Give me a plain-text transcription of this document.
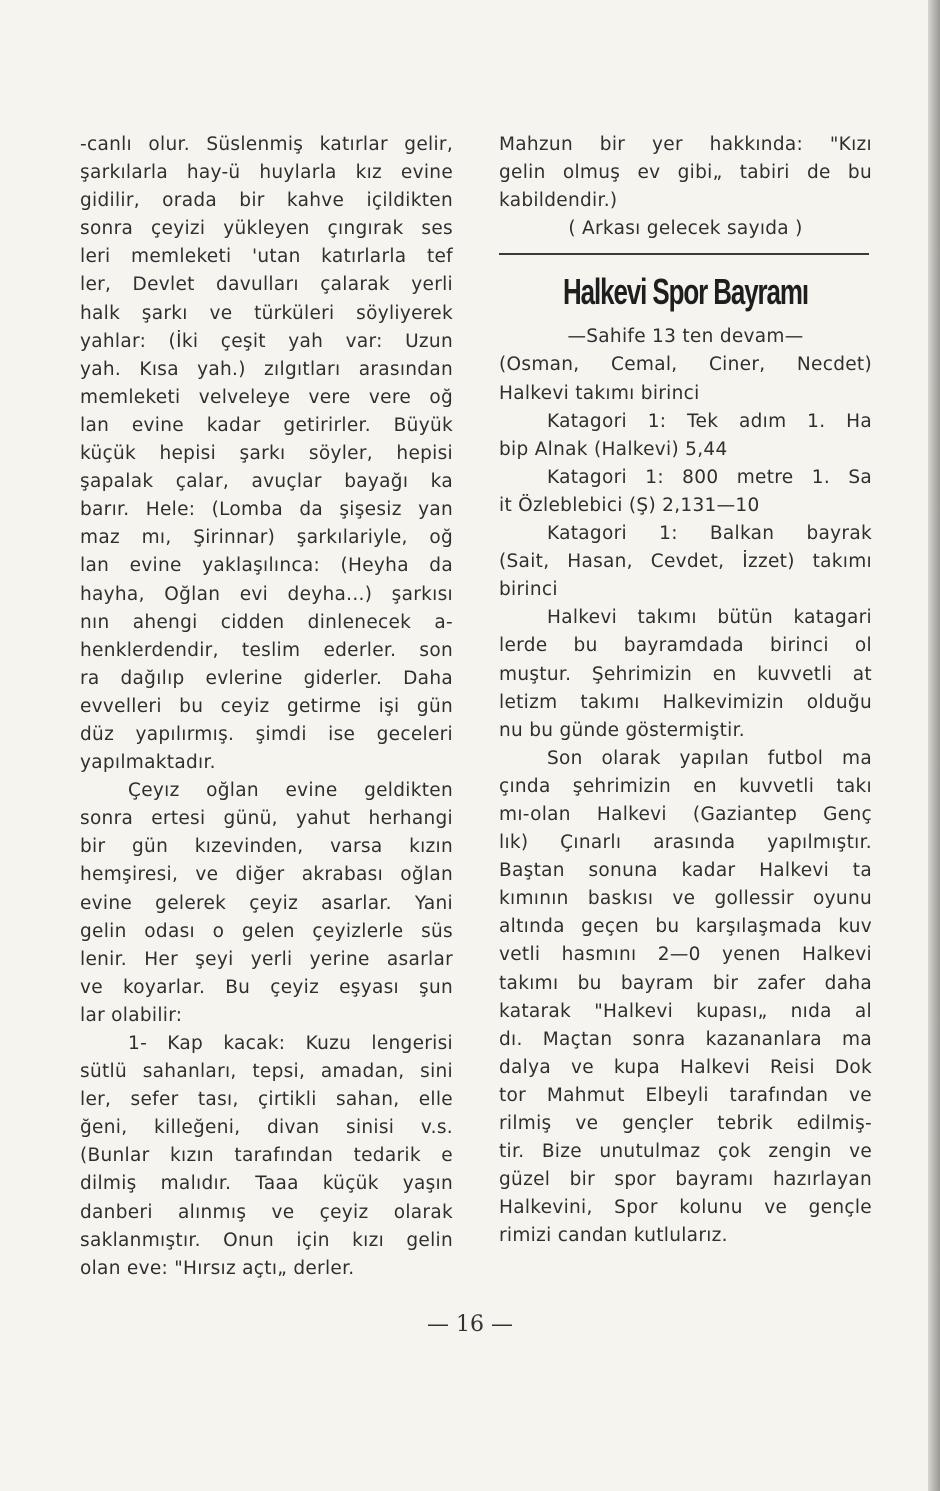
-canlı olur. Süslenmiş katırlar gelir,
şarkılarla hay-ü huylarla kız evine
gidilir, orada bir kahve içildikten
sonra çeyizi yükleyen çıngırak ses
leri memleketi 'utan katırlarla tef
ler, Devlet davulları çalarak yerli
halk şarkı ve türküleri söyliyerek
yahlar: (İki çeşit yah var: Uzun
yah. Kısa yah.) zılgıtları arasından
memleketi velveleye vere vere oğ
lan evine kadar getirirler. Büyük
küçük hepisi şarkı söyler, hepisi
şapalak çalar, avuçlar bayağı ka
barır. Hele: (Lomba da şişesiz yan
maz mı, Şirinnar) şarkılariyle, oğ
lan evine yaklaşılınca: (Heyha da
hayha, Oğlan evi deyha...) şarkısı
nın ahengi cidden dinlenecek a-
henklerdendir, teslim ederler. son
ra dağılıp evlerine giderler. Daha
evvelleri bu ceyiz getirme işi gün
düz yapılırmış. şimdi ise geceleri
yapılmaktadır.
Çeyız oğlan evine geldikten
sonra ertesi günü, yahut herhangi
bir gün kızevinden, varsa kızın
hemşiresi, ve diğer akrabası oğlan
evine gelerek çeyiz asarlar. Yani
gelin odası o gelen çeyizlerle süs
lenir. Her şeyi yerli yerine asarlar
ve koyarlar. Bu çeyiz eşyası şun
lar olabilir:
1- Kap kacak: Kuzu lengerisi
sütlü sahanları, tepsi, amadan, sini
ler, sefer tası, çirtikli sahan, elle
ğeni, killeğeni, divan sinisi v.s.
(Bunlar kızın tarafından tedarik e
dilmiş malıdır. Taaa küçük yaşın
danberi alınmış ve çeyiz olarak
saklanmıştır. Onun için kızı gelin
olan eve: "Hırsız açtı„ derler.
Mahzun bir yer hakkında: "Kızı
gelin olmuş ev gibi„ tabiri de bu
kabildendir.)
( Arkası gelecek sayıda )
Halkevi Spor Bayramı
—Sahife 13 ten devam—
(Osman, Cemal, Ciner, Necdet)
Halkevi takımı birinci
Katagori 1: Tek adım 1. Ha
bip Alnak (Halkevi) 5,44
Katagori 1: 800 metre 1. Sa
it Özleblebici (Ş) 2,131—10
Katagori 1: Balkan bayrak
(Sait, Hasan, Cevdet, İzzet) takımı
birinci
Halkevi takımı bütün katagari
lerde bu bayramdada birinci ol
muştur. Şehrimizin en kuvvetli at
letizm takımı Halkevimizin olduğu
nu bu günde göstermiştir.
Son olarak yapılan futbol ma
çında şehrimizin en kuvvetli takı
mı-olan Halkevi (Gaziantep Genç
lık) Çınarlı arasında yapılmıştır.
Baştan sonuna kadar Halkevi ta
kımının baskısı ve gollessir oyunu
altında geçen bu karşılaşmada kuv
vetli hasmını 2—0 yenen Halkevi
takımı bu bayram bir zafer daha
katarak "Halkevi kupası„ nıda al
dı. Maçtan sonra kazananlara ma
dalya ve kupa Halkevi Reisi Dok
tor Mahmut Elbeyli tarafından ve
rilmiş ve gençler tebrik edilmiş-
tir. Bize unutulmaz çok zengin ve
güzel bir spor bayramı hazırlayan
Halkevini, Spor kolunu ve gençle
rimizi candan kutlularız.
— 16 —
